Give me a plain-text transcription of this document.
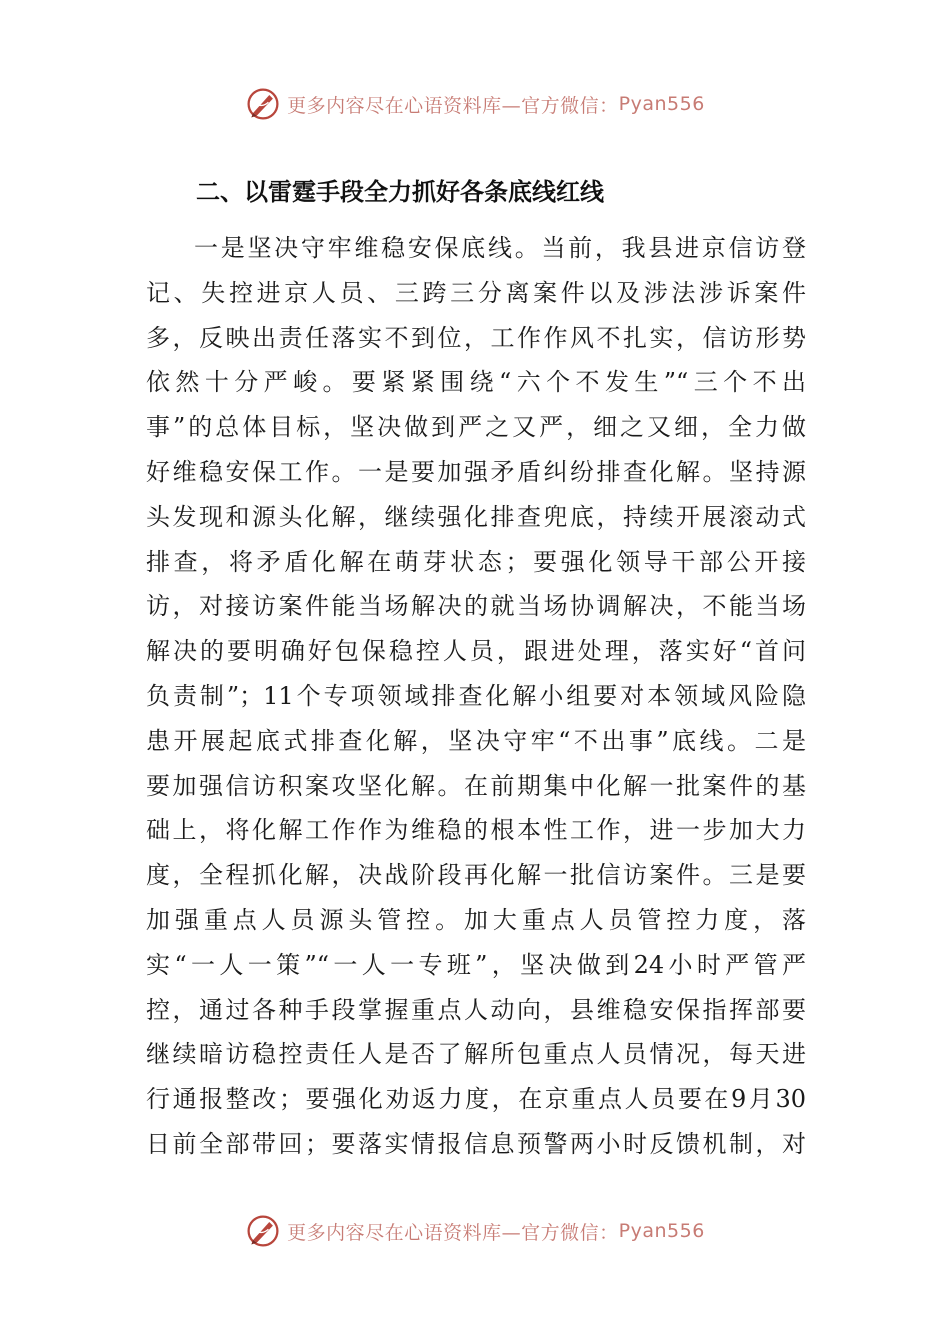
更多内容尽在心语资料库—官方微信： Pyan556
二、以雷霆手段全力抓好各条底线红线
一是坚决守牢维稳安保底线。当前，我县进京信访登
记、失控进京人员、三跨三分离案件以及涉法涉诉案件
多，反映出责任落实不到位，工作作风不扎实，信访形势
依然十分严峻。要紧紧围绕“六个不发生”“三个不出
事”的总体目标，坚决做到严之又严，细之又细，全力做
好维稳安保工作。一是要加强矛盾纠纷排查化解。坚持源
头发现和源头化解，继续强化排查兜底，持续开展滚动式
排查，将矛盾化解在萌芽状态；要强化领导干部公开接
访，对接访案件能当场解决的就当场协调解决，不能当场
解决的要明确好包保稳控人员，跟进处理，落实好“首问
负责制”；11个专项领域排查化解小组要对本领域风险隐
患开展起底式排查化解，坚决守牢“不出事”底线。二是
要加强信访积案攻坚化解。在前期集中化解一批案件的基
础上，将化解工作作为维稳的根本性工作，进一步加大力
度，全程抓化解，决战阶段再化解一批信访案件。三是要
加强重点人员源头管控。加大重点人员管控力度，落
实“一人一策”“一人一专班”，坚决做到24小时严管严
控，通过各种手段掌握重点人动向，县维稳安保指挥部要
继续暗访稳控责任人是否了解所包重点人员情况，每天进
行通报整改；要强化劝返力度，在京重点人员要在9月30
日前全部带回；要落实情报信息预警两小时反馈机制，对
更多内容尽在心语资料库—官方微信： Pyan556
